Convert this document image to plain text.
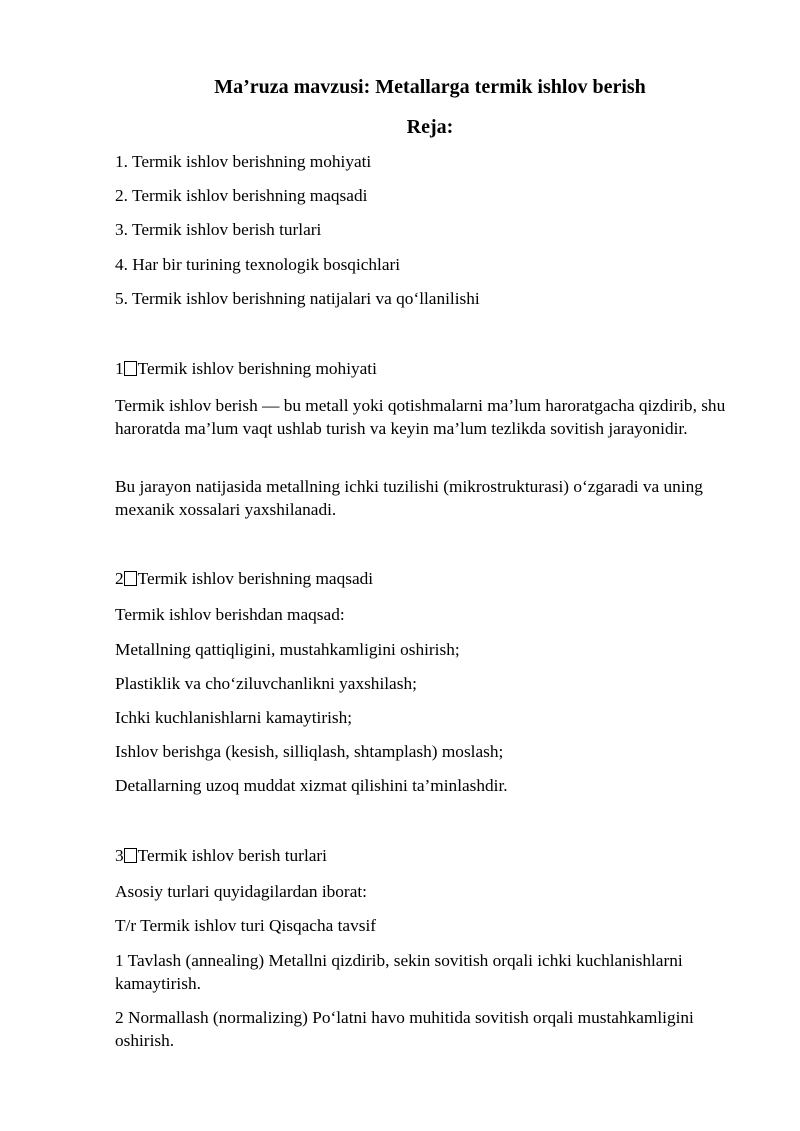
Ma’ruza mavzusi: Metallarga termik ishlov berish
Reja:
1. Termik ishlov berishning mohiyati
2. Termik ishlov berishning maqsadi
3. Termik ishlov berish turlari
4. Har bir turining texnologik bosqichlari
5. Termik ishlov berishning natijalari va qo‘llanilishi
1 Termik ishlov berishning mohiyati
Termik ishlov berish — bu metall yoki qotishmalarni ma’lum haroratgacha qizdirib, shu haroratda ma’lum vaqt ushlab turish va keyin ma’lum tezlikda sovitish jarayonidir.
Bu jarayon natijasida metallning ichki tuzilishi (mikrostrukturasi) o‘zgaradi va uning mexanik xossalari yaxshilanadi.
2 Termik ishlov berishning maqsadi
Termik ishlov berishdan maqsad:
Metallning qattiqligini, mustahkamligini oshirish;
Plastiklik va cho‘ziluvchanlikni yaxshilash;
Ichki kuchlanishlarni kamaytirish;
Ishlov berishga (kesish, silliqlash, shtamplash) moslash;
Detallarning uzoq muddat xizmat qilishini ta’minlashdir.
3 Termik ishlov berish turlari
Asosiy turlari quyidagilardan iborat:
T/r Termik ishlov turi Qisqacha tavsif
1 Tavlash (annealing) Metallni qizdirib, sekin sovitish orqali ichki kuchlanishlarni kamaytirish.
2 Normallash (normalizing) Po‘latni havo muhitida sovitish orqali mustahkamligini oshirish.
